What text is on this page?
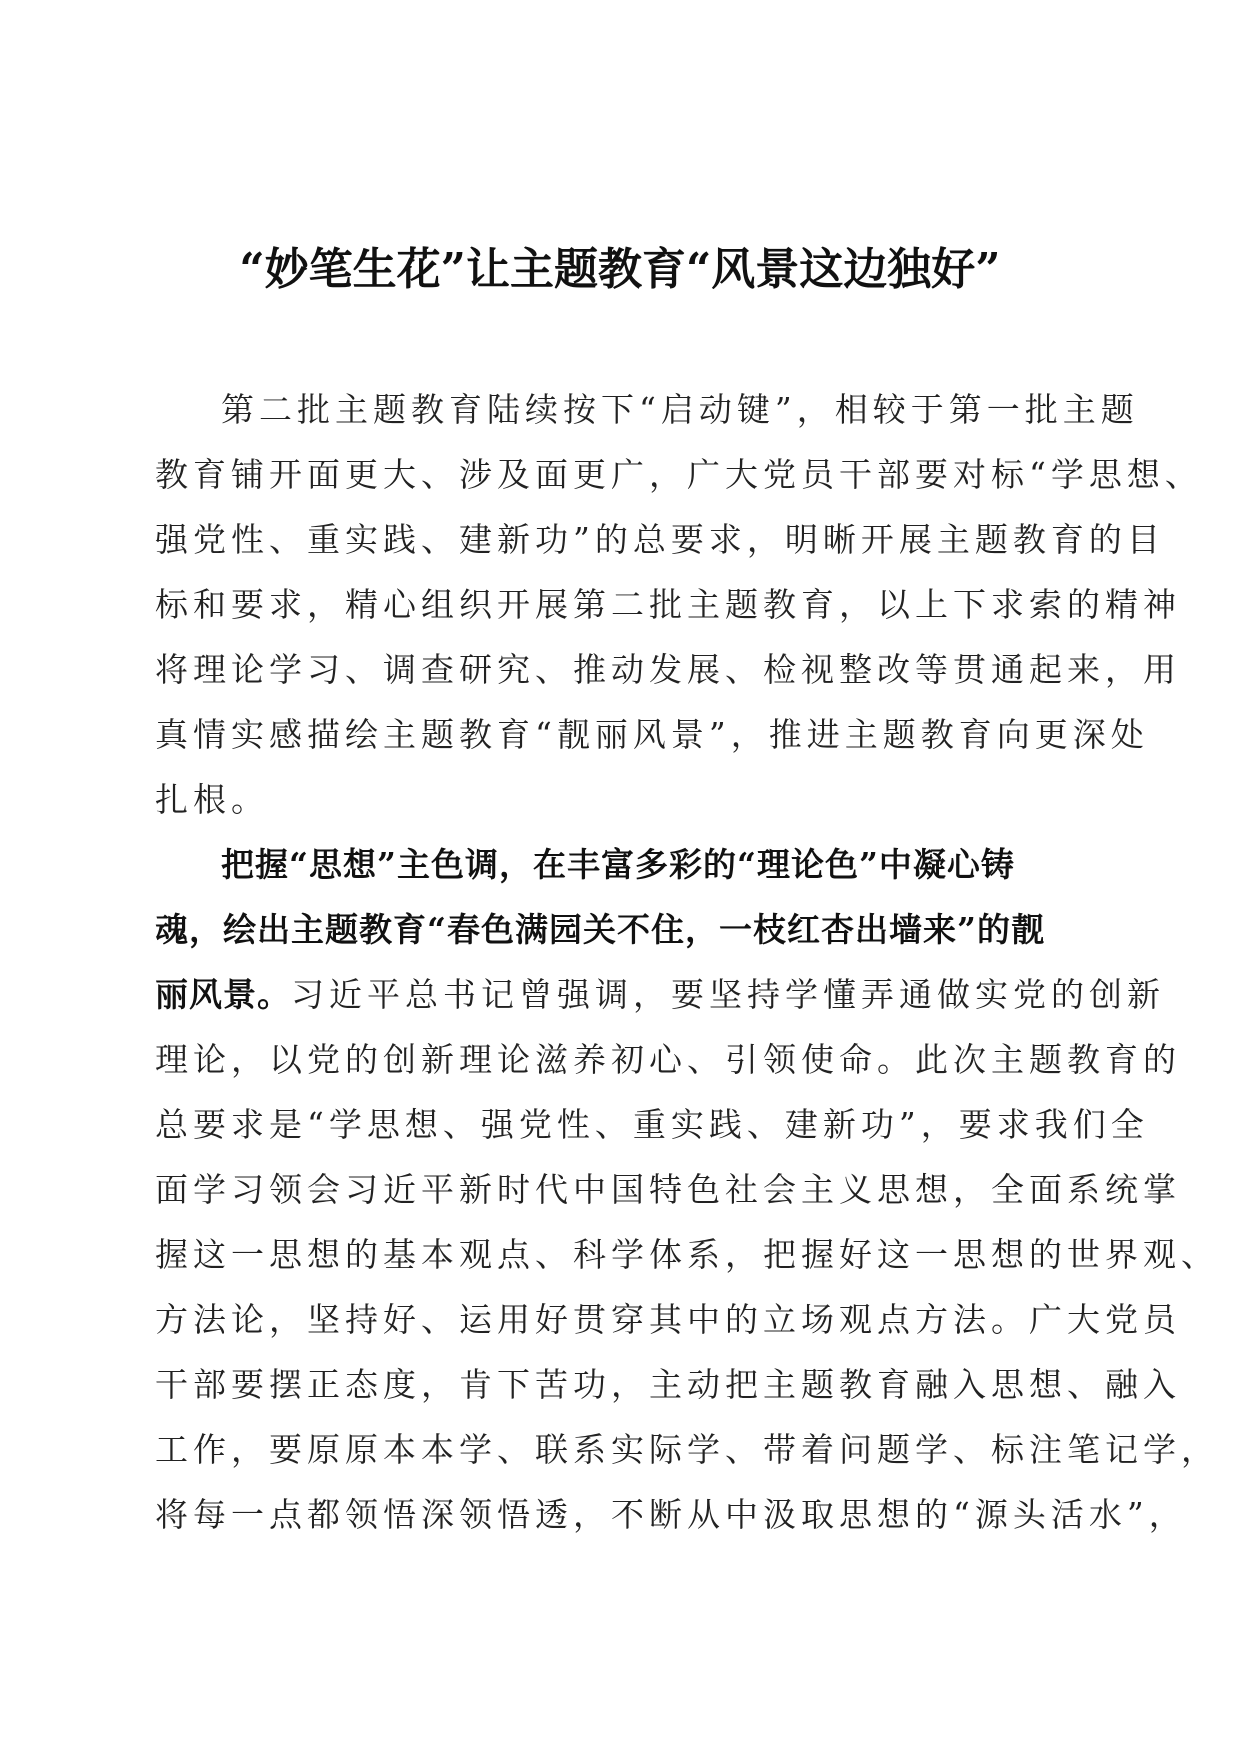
“妙笔生花”让主题教育“风景这边独好”
第二批主题教育陆续按下“启动键”，相较于第一批主题
教育铺开面更大、涉及面更广，广大党员干部要对标“学思想、
强党性、重实践、建新功”的总要求，明晰开展主题教育的目
标和要求，精心组织开展第二批主题教育，以上下求索的精神
将理论学习、调查研究、推动发展、检视整改等贯通起来，用
真情实感描绘主题教育“靓丽风景”，推进主题教育向更深处
扎根。
把握“思想”主色调，在丰富多彩的“理论色”中凝心铸
魂，绘出主题教育“春色满园关不住，一枝红杏出墙来”的靓
丽风景。习近平总书记曾强调，要坚持学懂弄通做实党的创新
理论，以党的创新理论滋养初心、引领使命。此次主题教育的
总要求是“学思想、强党性、重实践、建新功”，要求我们全
面学习领会习近平新时代中国特色社会主义思想，全面系统掌
握这一思想的基本观点、科学体系，把握好这一思想的世界观、
方法论，坚持好、运用好贯穿其中的立场观点方法。广大党员
干部要摆正态度，肯下苦功，主动把主题教育融入思想、融入
工作，要原原本本学、联系实际学、带着问题学、标注笔记学，
将每一点都领悟深领悟透，不断从中汲取思想的“源头活水”，
